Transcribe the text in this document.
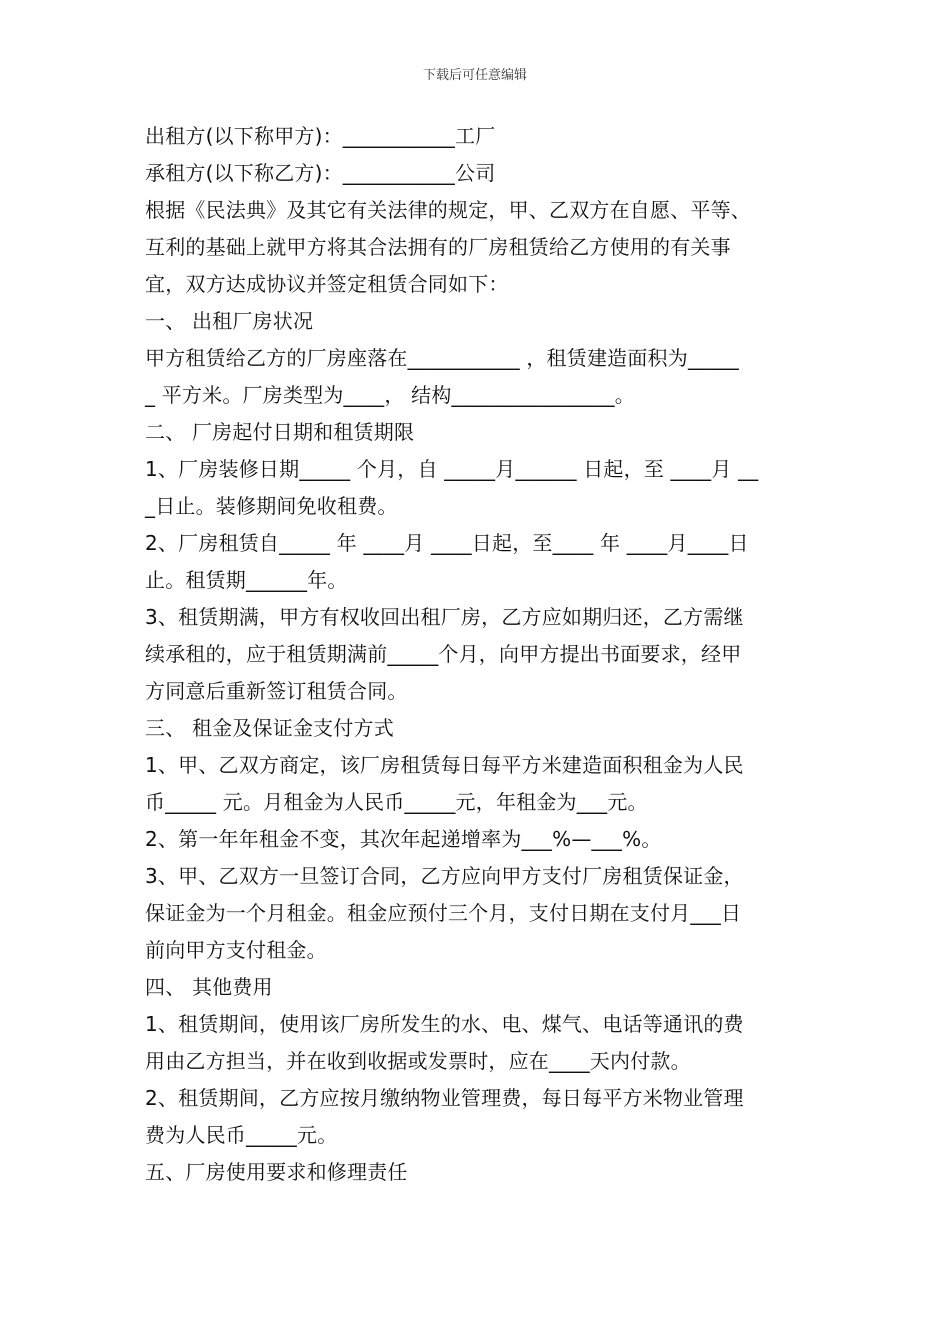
下载后可任意编辑
出租方(以下称甲方)：___________工厂
承租方(以下称乙方)：___________公司
根据《民法典》及其它有关法律的规定，甲、乙双方在自愿、平等、
互利的基础上就甲方将其合法拥有的厂房租赁给乙方使用的有关事
宜，双方达成协议并签定租赁合同如下：
一、 出租厂房状况
甲方租赁给乙方的厂房座落在___________ ，租赁建造面积为_____
_ 平方米。厂房类型为____， 结构________________。
二、 厂房起付日期和租赁期限
1、厂房装修日期_____ 个月，自 _____月______ 日起，至 ____月 __
_日止。装修期间免收租费。
2、厂房租赁自_____ 年 ____月 ____日起，至____ 年 ____月____日
止。租赁期______年。
3、租赁期满，甲方有权收回出租厂房，乙方应如期归还，乙方需继
续承租的，应于租赁期满前_____个月，向甲方提出书面要求，经甲
方同意后重新签订租赁合同。
三、 租金及保证金支付方式
1、甲、乙双方商定，该厂房租赁每日每平方米建造面积租金为人民
币_____ 元。月租金为人民币_____元，年租金为___元。
2、第一年年租金不变，其次年起递增率为___%—___%。
3、甲、乙双方一旦签订合同，乙方应向甲方支付厂房租赁保证金，
保证金为一个月租金。租金应预付三个月，支付日期在支付月___日
前向甲方支付租金。
四、 其他费用
1、租赁期间，使用该厂房所发生的水、电、煤气、电话等通讯的费
用由乙方担当，并在收到收据或发票时，应在____天内付款。
2、租赁期间，乙方应按月缴纳物业管理费，每日每平方米物业管理
费为人民币_____元。
五、厂房使用要求和修理责任
